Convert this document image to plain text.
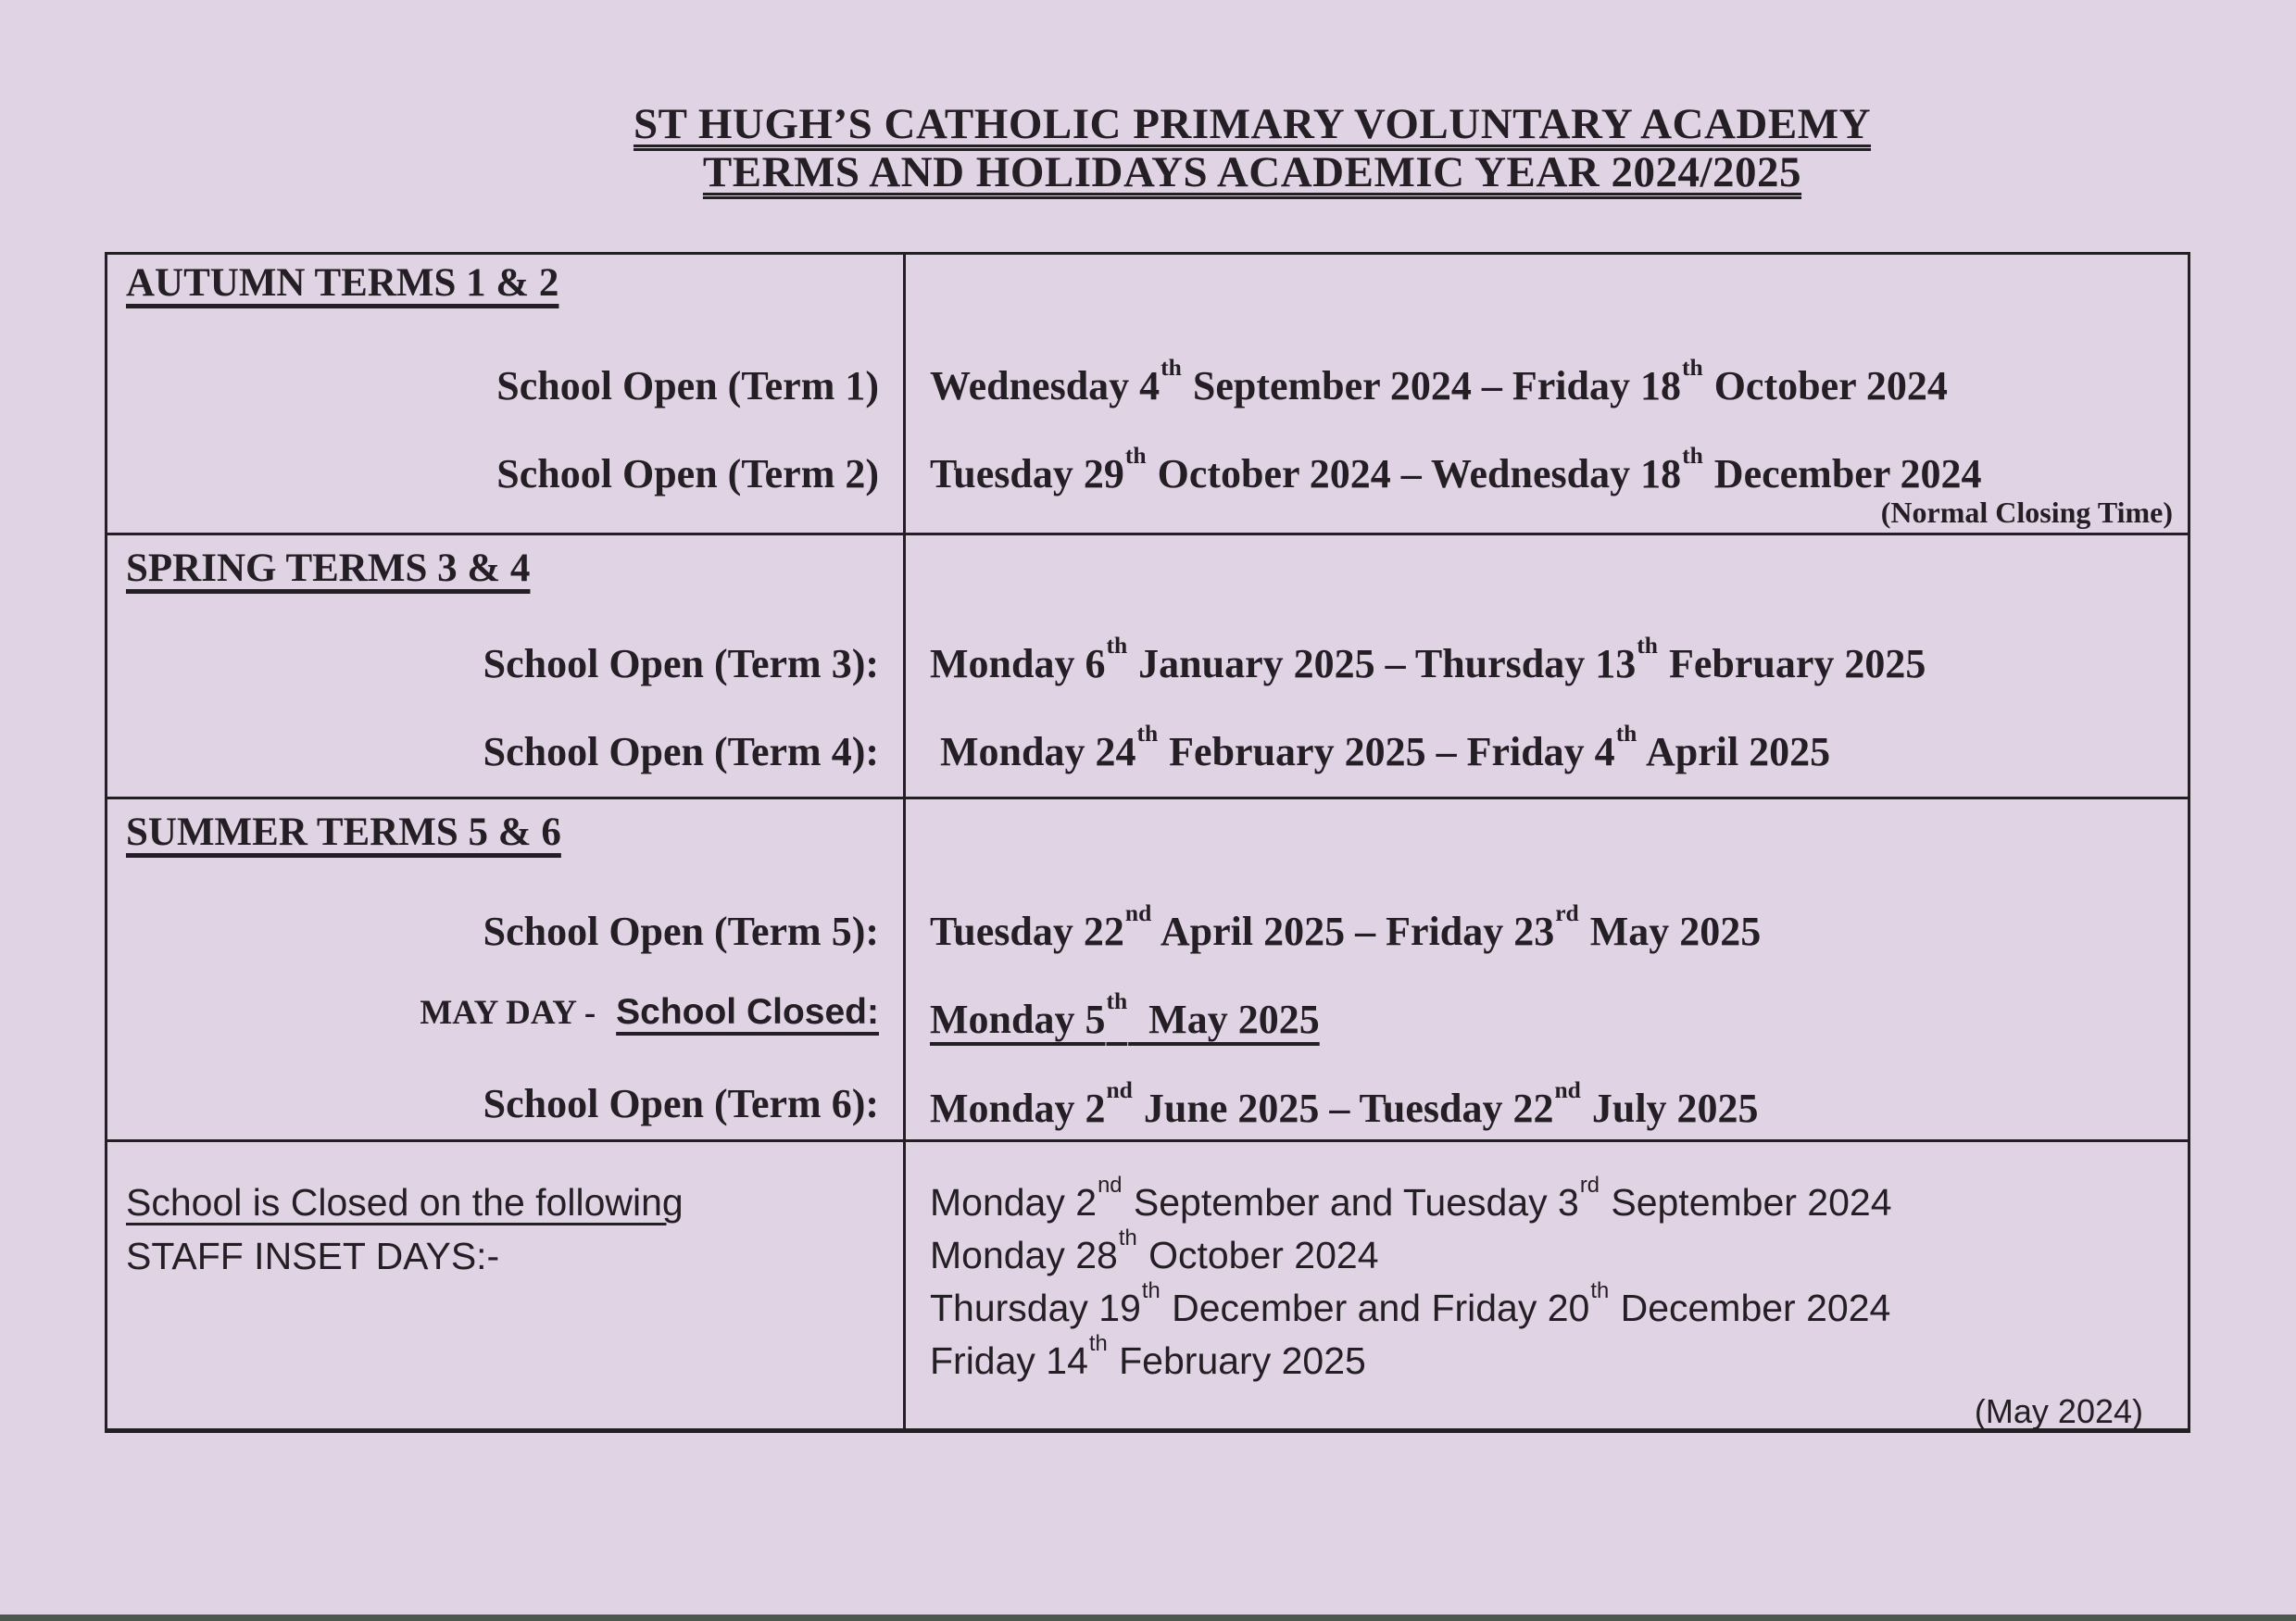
ST HUGH’S CATHOLIC PRIMARY VOLUNTARY ACADEMY
TERMS AND HOLIDAYS ACADEMIC YEAR 2024/2025
AUTUMN TERMS 1 & 2
School Open (Term 1)
School Open (Term 2)
Wednesday 4th September 2024 – Friday 18th October 2024
Tuesday 29th October 2024 – Wednesday 18th December 2024
(Normal Closing Time)
SPRING TERMS 3 & 4
School Open (Term 3):
School Open (Term 4):
Monday 6th January 2025 – Thursday 13th February 2025
Monday 24th February 2025 – Friday 4th April 2025
SUMMER TERMS 5 & 6
School Open (Term 5):
MAY DAY - School Closed:
School Open (Term 6):
Tuesday 22nd April 2025 – Friday 23rd May 2025
Monday 5th  May 2025
Monday 2nd June 2025 – Tuesday 22nd July 2025
School is Closed on the following
STAFF INSET DAYS:-
Monday 2nd September and Tuesday 3rd September 2024
Monday 28th October 2024
Thursday 19th December and Friday 20th December 2024
Friday 14th February 2025
(May 2024)
